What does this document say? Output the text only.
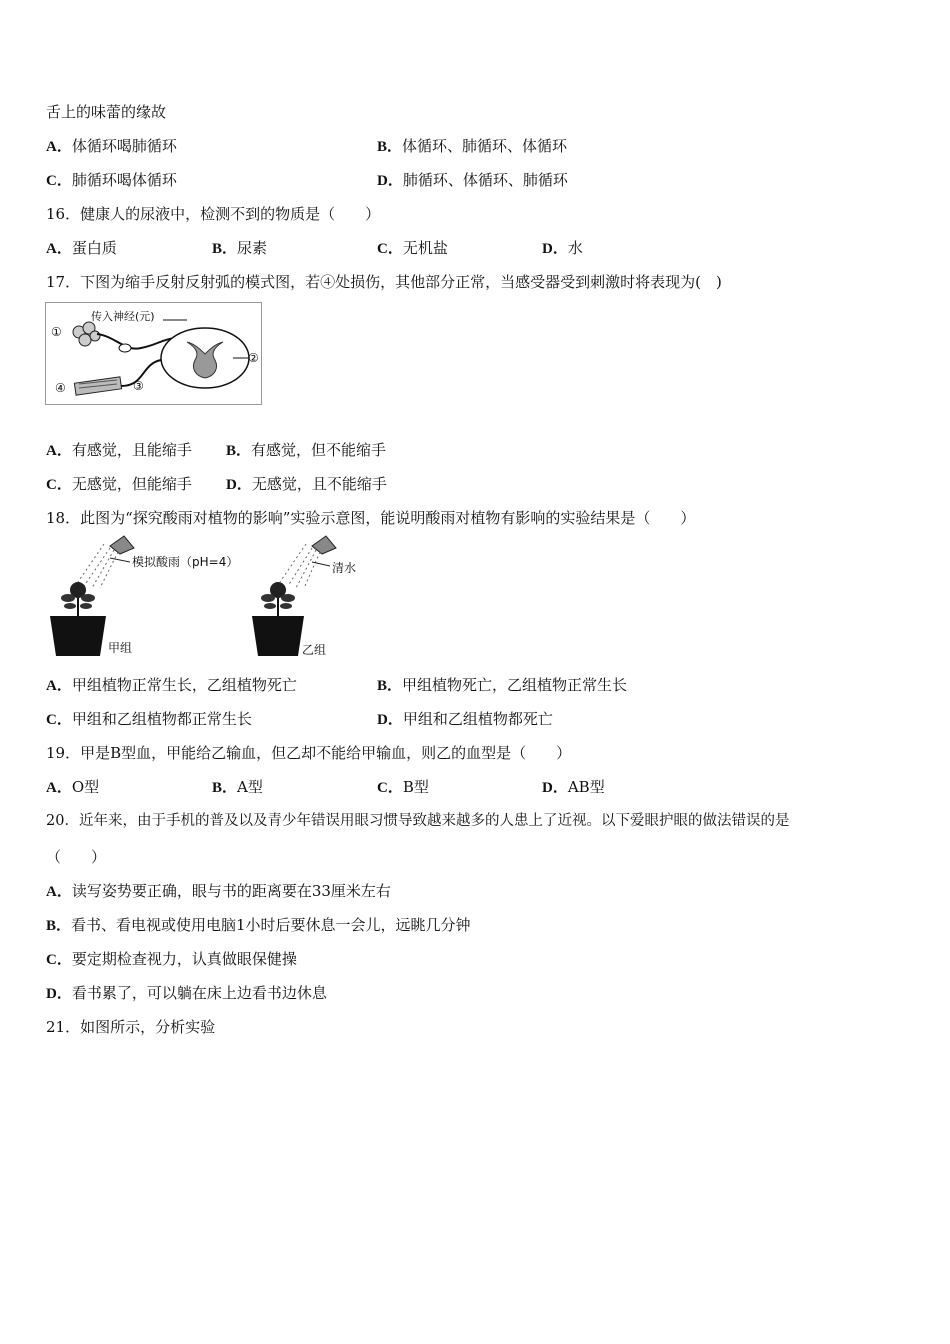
舌上的味蕾的缘故
A．体循环喝肺循环	B．体循环、肺循环、体循环
C．肺循环喝体循环	D．肺循环、体循环、肺循环
16．健康人的尿液中，检测不到的物质是（　　）
A．蛋白质	B．尿素	C．无机盐	D．水
17．下图为缩手反射反射弧的模式图，若④处损伤，其他部分正常，当感受器受到刺激时将表现为(　)
传入神经(元)
①
②
③
④
A．有感觉，且能缩手 B．有感觉，但不能缩手
C．无感觉，但能缩手 D．无感觉，且不能缩手
18．此图为“探究酸雨对植物的影响”实验示意图，能说明酸雨对植物有影响的实验结果是（　　）
模拟酸雨（pH=4）
甲组
清水
乙组
A．甲组植物正常生长，乙组植物死亡	B．甲组植物死亡，乙组植物正常生长
C．甲组和乙组植物都正常生长	D．甲组和乙组植物都死亡
19．甲是B型血，甲能给乙输血，但乙却不能给甲输血，则乙的血型是（　　）
A．O型	B．A型	C．B型	D．AB型
20．近年来，由于手机的普及以及青少年错误用眼习惯导致越来越多的人患上了近视。以下爱眼护眼的做法错误的是
（　　）
A．读写姿势要正确，眼与书的距离要在33厘米左右
B．看书、看电视或使用电脑1小时后要休息一会儿，远眺几分钟
C．要定期检查视力，认真做眼保健操
D．看书累了，可以躺在床上边看书边休息
21．如图所示，分析实验
